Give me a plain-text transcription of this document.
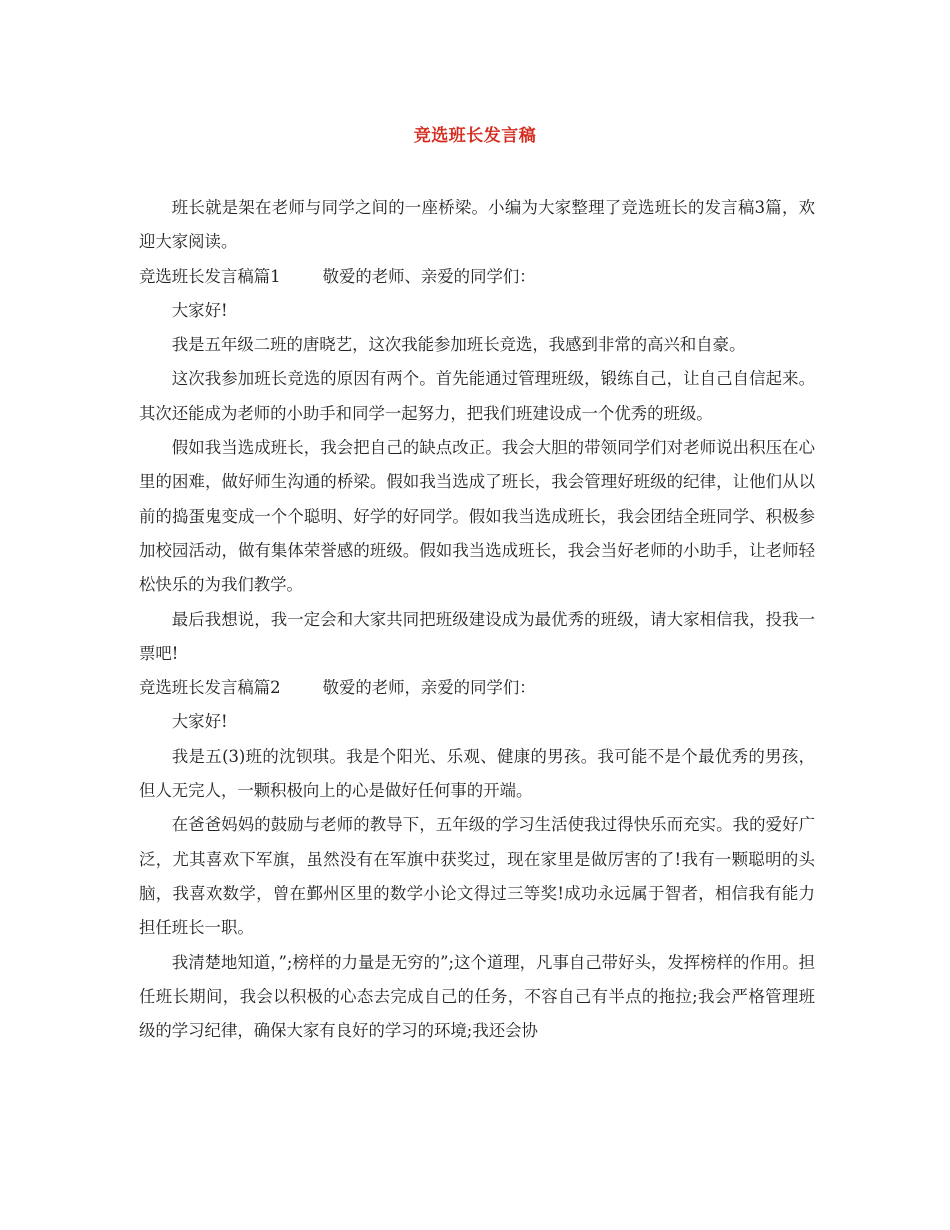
竞选班长发言稿

班长就是架在老师与同学之间的一座桥梁。小编为大家整理了竞选班长的发言稿3篇，欢迎大家阅读。

竞选班长发言稿篇1	敬爱的老师、亲爱的同学们：

大家好!

我是五年级二班的唐晓艺，这次我能参加班长竞选，我感到非常的高兴和自豪。

这次我参加班长竞选的原因有两个。首先能通过管理班级，锻练自己，让自己自信起来。其次还能成为老师的小助手和同学一起努力，把我们班建设成一个优秀的班级。

假如我当选成班长，我会把自己的缺点改正。我会大胆的带领同学们对老师说出积压在心里的困难，做好师生沟通的桥梁。假如我当选成了班长，我会管理好班级的纪律，让他们从以前的捣蛋鬼变成一个个聪明、好学的好同学。假如我当选成班长，我会团结全班同学、积极参加校园活动，做有集体荣誉感的班级。假如我当选成班长，我会当好老师的小助手，让老师轻松快乐的为我们教学。

最后我想说，我一定会和大家共同把班级建设成为最优秀的班级，请大家相信我，投我一票吧!

竞选班长发言稿篇2	敬爱的老师，亲爱的同学们：

大家好!

我是五(3)班的沈钡琪。我是个阳光、乐观、健康的男孩。我可能不是个最优秀的男孩，但人无完人，一颗积极向上的心是做好任何事的开端。

在爸爸妈妈的鼓励与老师的教导下，五年级的学习生活使我过得快乐而充实。我的爱好广泛，尤其喜欢下军旗，虽然没有在军旗中获奖过，现在家里是做厉害的了!我有一颗聪明的头脑，我喜欢数学，曾在鄞州区里的数学小论文得过三等奖!成功永远属于智者，相信我有能力担任班长一职。

我清楚地知道，”;榜样的力量是无穷的”;这个道理，凡事自己带好头，发挥榜样的作用。担任班长期间，我会以积极的心态去完成自己的任务，不容自己有半点的拖拉;我会严格管理班级的学习纪律，确保大家有良好的学习的环境;我还会协
